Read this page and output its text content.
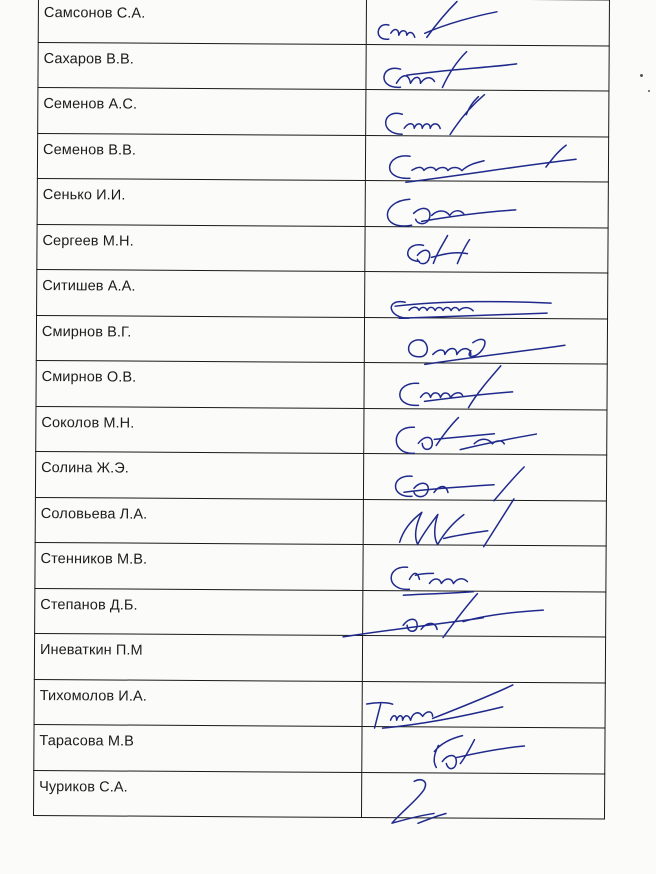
Самсонов С.А.

Сахаров В.В.

Семенов А.С.

Семенов В.В.

Сенько И.И.

Сергеев М.Н.

Ситишев А.А.

Смирнов В.Г.

Смирнов О.В.

Соколов М.Н.

Солина Ж.Э.

Соловьева Л.А.

Стенников М.В.

Степанов Д.Б.

Иневаткин П.М	

Тихомолов И.А.

Тарасова М.В

Чуриков С.А.
